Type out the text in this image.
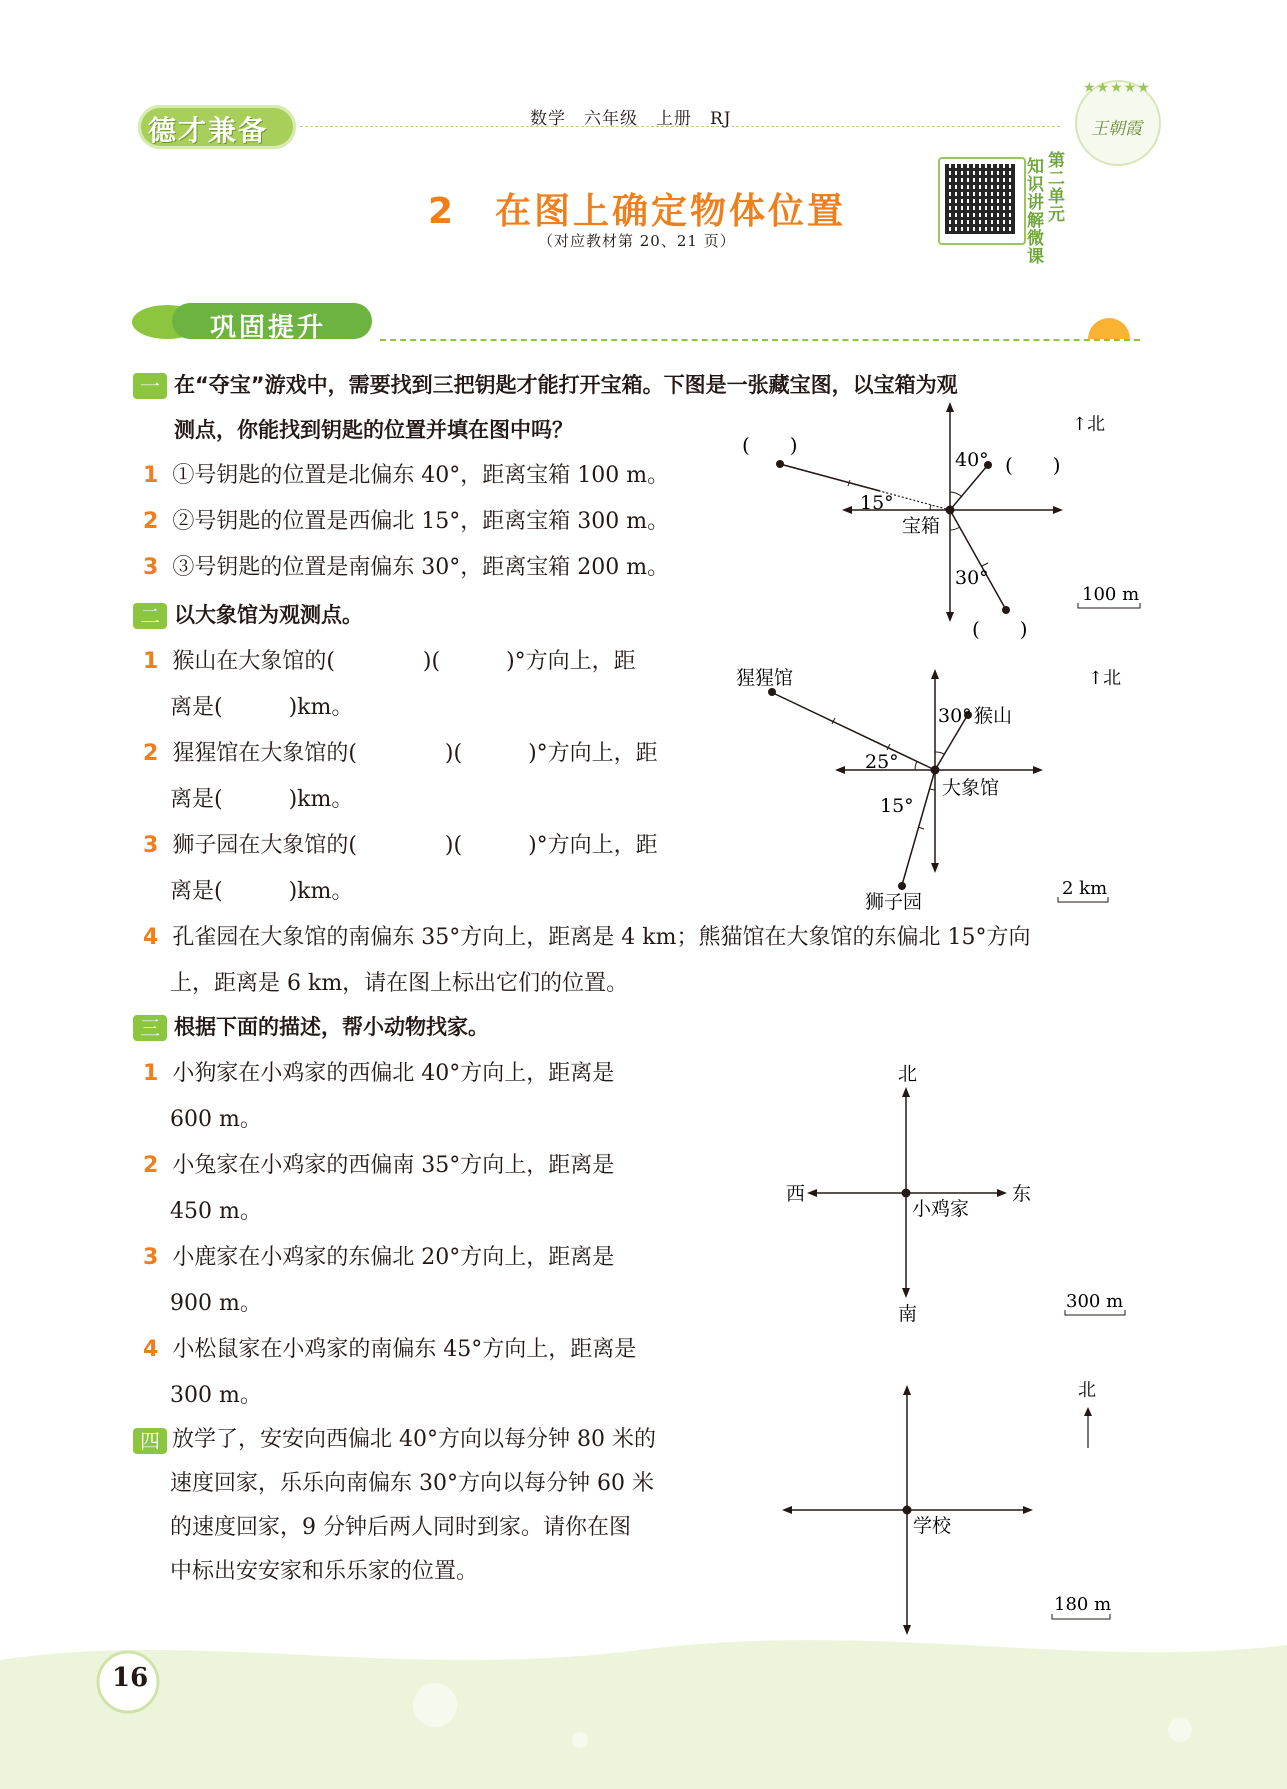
德才兼备	数学　六年级　上册　RJ
★★★★★
王朝霞
2　在图上确定物体位置
（对应教材第 20、21 页）
知识讲解微课
第二单元
巩固提升
一 在“夺宝”游戏中，需要找到三把钥匙才能打开宝箱。下图是一张藏宝图，以宝箱为观
测点，你能找到钥匙的位置并填在图中吗？
1 ①号钥匙的位置是北偏东 40°，距离宝箱 100 m。
2 ②号钥匙的位置是西偏北 15°，距离宝箱 300 m。
3 ③号钥匙的位置是南偏东 30°，距离宝箱 200 m。
40°
15°
30°
宝箱
(　　)
(　　)
(　　)
↑北
100 m
二 以大象馆为观测点。
1 猴山在大象馆的(　　　　)(　　　)°方向上，距
离是(　　　)km。
2 猩猩馆在大象馆的(　　　　)(　　　)°方向上，距
离是(　　　)km。
3 狮子园在大象馆的(　　　　)(　　　)°方向上，距
离是(　　　)km。
4 孔雀园在大象馆的南偏东 35°方向上，距离是 4 km；熊猫馆在大象馆的东偏北 15°方向
上，距离是 6 km，请在图上标出它们的位置。
30° 猴山
猩猩馆
25°
15°
大象馆
狮子园
↑北
2 km
三 根据下面的描述，帮小动物找家。
1 小狗家在小鸡家的西偏北 40°方向上，距离是
600 m。
2 小兔家在小鸡家的西偏南 35°方向上，距离是
450 m。
3 小鹿家在小鸡家的东偏北 20°方向上，距离是
900 m。
4 小松鼠家在小鸡家的南偏东 45°方向上，距离是
300 m。
北
南
西	东
小鸡家
300 m
四 放学了，安安向西偏北 40°方向以每分钟 80 米的
速度回家，乐乐向南偏东 30°方向以每分钟 60 米
的速度回家，9 分钟后两人同时到家。请你在图
中标出安安家和乐乐家的位置。
学校
北
180 m
16
